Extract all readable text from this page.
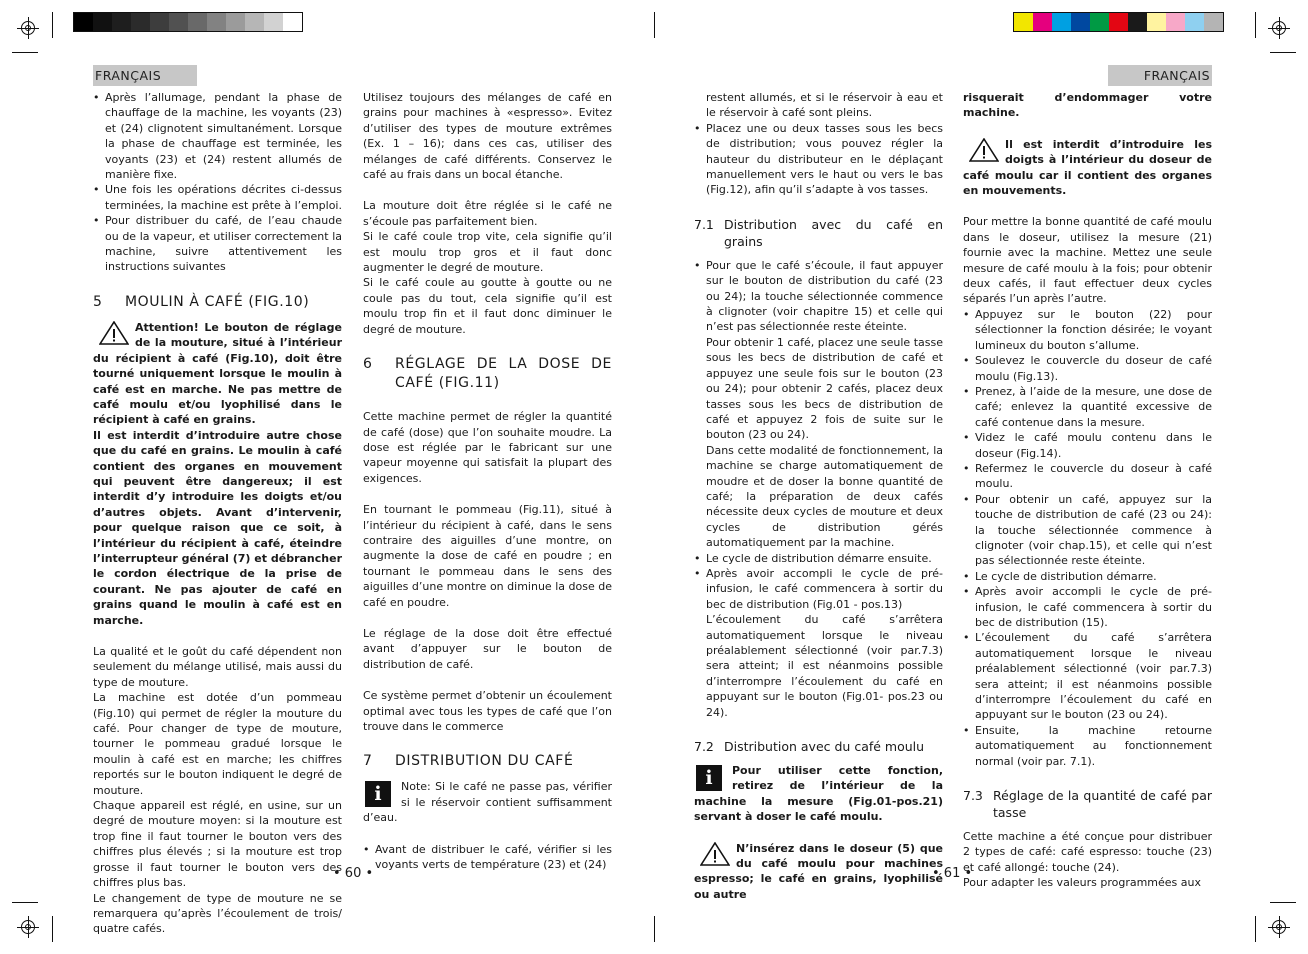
FRANÇAIS	FRANÇAIS
• Après l’allumage, pendant la phase de chauffage de la machine, les voyants (23) et (24) clignotent simultanément. Lorsque la phase de chauffage est terminée, les voyants (23) et (24) restent allumés de manière fixe.
• Une fois les opérations décrites ci-dessus terminées, la machine est prête à l’emploi.
• Pour distribuer du café, de l’eau chaude ou de la vapeur, et utiliser correctement la machine, suivre attentivement les instructions suivantes
5	MOULIN À CAFÉ (FIG.10)

Attention! Le bouton de réglage de la mouture, situé à l’intérieur du récipient à café (Fig.10), doit être tourné uniquement lorsque le moulin à café est en marche. Ne pas mettre de café moulu et/ou lyophilisé dans le récipient à café en grains.

Il est interdit d’introduire autre chose que du café en grains. Le moulin à café contient des organes en mouvement qui peuvent être dangereux; il est interdit d’y introduire les doigts et/ou d’autres objets. Avant d’intervenir, pour quelque raison que ce soit, à l’intérieur du récipient à café, éteindre l’interrupteur général (7) et débrancher le cordon électrique de la prise de courant. Ne pas ajouter de café en grains quand le moulin à café est en marche.

La qualité et le goût du café dépendent non seulement du mélange utilisé, mais aussi du type de mouture.

La machine est dotée d’un pommeau (Fig.10) qui permet de régler la mouture du café. Pour changer de type de mouture, tourner le pommeau gradué lorsque le moulin à café est en marche; les chiffres reportés sur le bouton indiquent le degré de mouture.

Chaque appareil est réglé, en usine, sur un degré de mouture moyen: si la mouture est trop fine il faut tourner le bouton vers des chiffres plus élevés ; si la mouture est trop grosse il faut tourner le bouton vers des chiffres plus bas.

Le changement de type de mouture ne se remarquera qu’après l’écoulement de trois/ quatre cafés.

Utilisez toujours des mélanges de café en grains pour machines à «espresso». Evitez d’utiliser des types de mouture extrêmes (Ex. 1 – 16); dans ces cas, utiliser des mélanges de café différents. Conservez le café au frais dans un bocal étanche.

La mouture doit être réglée si le café ne s’écoule pas parfaitement bien.

Si le café coule trop vite, cela signifie qu’il est moulu trop gros et il faut donc augmenter le degré de mouture.

Si le café coule au goutte à goutte ou ne coule pas du tout, cela signifie qu’il est moulu trop fin et il faut donc diminuer le degré de mouture.

6	RÉGLAGE DE LA DOSE DE CAFÉ (FIG.11)

Cette machine permet de régler la quantité de café (dose) que l’on souhaite moudre. La dose est réglée par le fabricant sur une vapeur moyenne qui satisfait la plupart des exigences.

En tournant le pommeau (Fig.11), situé à l’intérieur du récipient à café, dans le sens contraire des aiguilles d’une montre, on augmente la dose de café en poudre ; en tournant le pommeau dans le sens des aiguilles d’une montre on diminue la dose de café en poudre.

Le réglage de la dose doit être effectué avant d’appuyer sur le bouton de distribution de café.

Ce système permet d’obtenir un écoulement optimal avec tous les types de café que l’on trouve dans le commerce

7	DISTRIBUTION DU CAFÉ
i	Note: Si le café ne passe pas, vérifier si le réservoir contient suffisamment d’eau.

• Avant de distribuer le café, vérifier si les voyants verts de température (23) et (24)

restent allumés, et si le réservoir à eau et le réservoir à café sont pleins.

• Placez une ou deux tasses sous les becs de distribution; vous pouvez régler la hauteur du distributeur en le déplaçant manuellement vers le haut ou vers le bas (Fig.12), afin qu’il s’adapte à vos tasses.
7.1 Distribution avec du café en grains
• Pour que le café s’écoule, il faut appuyer sur le bouton de distribution du café (23 ou 24); la touche sélectionnée commence à clignoter (voir chapitre 15) et celle qui n’est pas sélectionnée reste éteinte.

Pour obtenir 1 café, placez une seule tasse sous les becs de distribution de café et appuyez une seule fois sur le bouton (23 ou 24); pour obtenir 2 cafés, placez deux tasses sous les becs de distribution de café et appuyez 2 fois de suite sur le bouton (23 ou 24).

Dans cette modalité de fonctionnement, la machine se charge automatiquement de moudre et de doser la bonne quantité de café; la préparation de deux cafés nécessite deux cycles de mouture et deux cycles de distribution gérés automatiquement par la machine.

• Le cycle de distribution démarre ensuite.
• Après avoir accompli le cycle de pré-infusion, le café commencera à sortir du bec de distribution (Fig.01 - pos.13)

L’écoulement du café s’arrêtera automatiquement lorsque le niveau préalablement sélectionné (voir par.7.3) sera atteint; il est néanmoins possible d’interrompre l’écoulement du café en appuyant sur le bouton (Fig.01- pos.23 ou 24).

7.2 Distribution avec du café moulu
i	Pour utiliser cette fonction, retirez de l’intérieur de la machine la mesure (Fig.01-pos.21) servant à doser le café moulu.

N’insérez dans le doseur (5) que du café moulu pour machines espresso; le café en grains, lyophilisé ou autre

risquerait d’endommager votre machine.

Il est interdit d’introduire les doigts à l’intérieur du doseur de café moulu car il contient des organes en mouvements.

Pour mettre la bonne quantité de café moulu dans le doseur, utilisez la mesure (21) fournie avec la machine. Mettez une seule mesure de café moulu à la fois; pour obtenir deux cafés, il faut effectuer deux cycles séparés l’un après l’autre.

• Appuyez sur le bouton (22) pour sélectionner la fonction désirée; le voyant lumineux du bouton s’allume.
• Soulevez le couvercle du doseur de café moulu (Fig.13).
• Prenez, à l’aide de la mesure, une dose de café; enlevez la quantité excessive de café contenue dans la mesure.
• Videz le café moulu contenu dans le doseur (Fig.14).
• Refermez le couvercle du doseur à café moulu.
• Pour obtenir un café, appuyez sur la touche de distribution de café (23 ou 24): la touche sélectionnée commence à clignoter (voir chap.15), et celle qui n’est pas sélectionnée reste éteinte.
• Le cycle de distribution démarre.
• Après avoir accompli le cycle de pré-infusion, le café commencera à sortir du bec de distribution (15).
• L’écoulement du café s’arrêtera automatiquement lorsque le niveau préalablement sélectionné (voir par.7.3) sera atteint; il est néanmoins possible d’interrompre l’écoulement du café en appuyant sur le bouton (23 ou 24).
• Ensuite, la machine retourne automatiquement au fonctionnement normal (voir par. 7.1).
7.3 Réglage de la quantité de café par tasse

Cette machine a été conçue pour distribuer 2 types de café: café espresso: touche (23) et café allongé: touche (24).

Pour adapter les valeurs programmées aux

• 60 •	• 61 •
